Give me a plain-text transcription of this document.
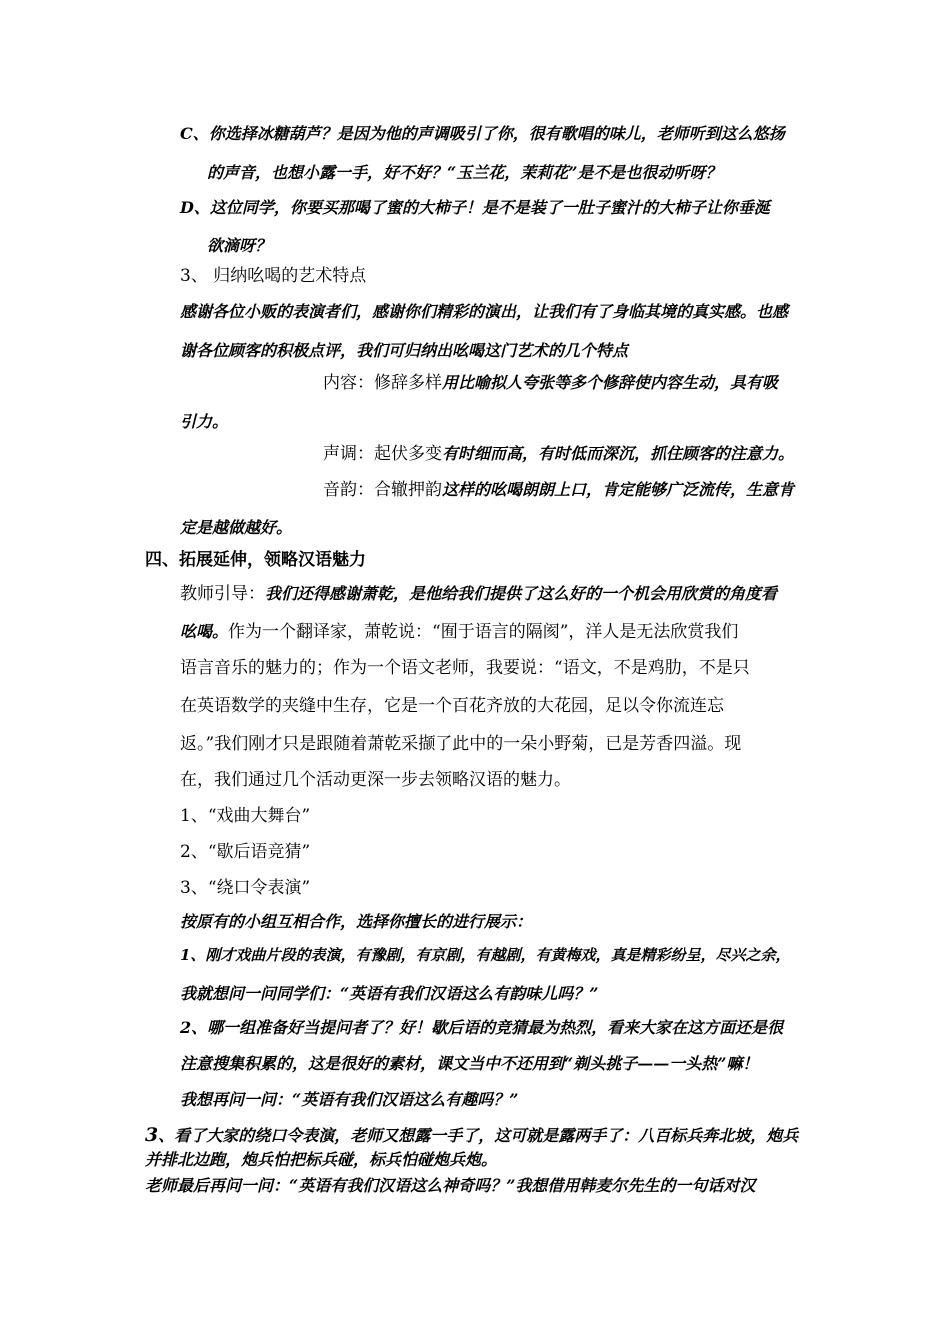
C、你选择冰糖葫芦？是因为他的声调吸引了你，很有歌唱的味儿，老师听到这么悠扬
的声音，也想小露一手，好不好？“玉兰花，茉莉花”是不是也很动听呀？
D、这位同学，你要买那喝了蜜的大柿子！是不是装了一肚子蜜汁的大柿子让你垂涎
欲滴呀？
3、 归纳吆喝的艺术特点
感谢各位小贩的表演者们，感谢你们精彩的演出，让我们有了身临其境的真实感。也感
谢各位顾客的积极点评，我们可归纳出吆喝这门艺术的几个特点
内容：修辞多样用比喻拟人夸张等多个修辞使内容生动，具有吸
引力。
声调：起伏多变有时细而高，有时低而深沉，抓住顾客的注意力。
音韵：合辙押韵这样的吆喝朗朗上口，肯定能够广泛流传，生意肯
定是越做越好。
四、拓展延伸，领略汉语魅力
教师引导：我们还得感谢萧乾，是他给我们提供了这么好的一个机会用欣赏的角度看
吆喝。作为一个翻译家，萧乾说：“囿于语言的隔阂”，洋人是无法欣赏我们
语言音乐的魅力的；作为一个语文老师，我要说：“语文，不是鸡肋，不是只
在英语数学的夹缝中生存，它是一个百花齐放的大花园，足以令你流连忘
返。”我们刚才只是跟随着萧乾采撷了此中的一朵小野菊，已是芳香四溢。现
在，我们通过几个活动更深一步去领略汉语的魅力。
1、“戏曲大舞台”
2、“歇后语竞猜”
3、“绕口令表演”
按原有的小组互相合作，选择你擅长的进行展示：
1、刚才戏曲片段的表演，有豫剧，有京剧，有越剧，有黄梅戏，真是精彩纷呈，尽兴之余，
我就想问一问同学们：“英语有我们汉语这么有韵味儿吗？”
2、哪一组准备好当提问者了？好！歇后语的竞猜最为热烈，看来大家在这方面还是很
注意搜集积累的，这是很好的素材，课文当中不还用到“剃头挑子——一头热”嘛！
我想再问一问：“英语有我们汉语这么有趣吗？”
3、看了大家的绕口令表演，老师又想露一手了，这可就是露两手了：八百标兵奔北坡，炮兵
并排北边跑，炮兵怕把标兵碰，标兵怕碰炮兵炮。
老师最后再问一问：“英语有我们汉语这么神奇吗？”我想借用韩麦尔先生的一句话对汉
